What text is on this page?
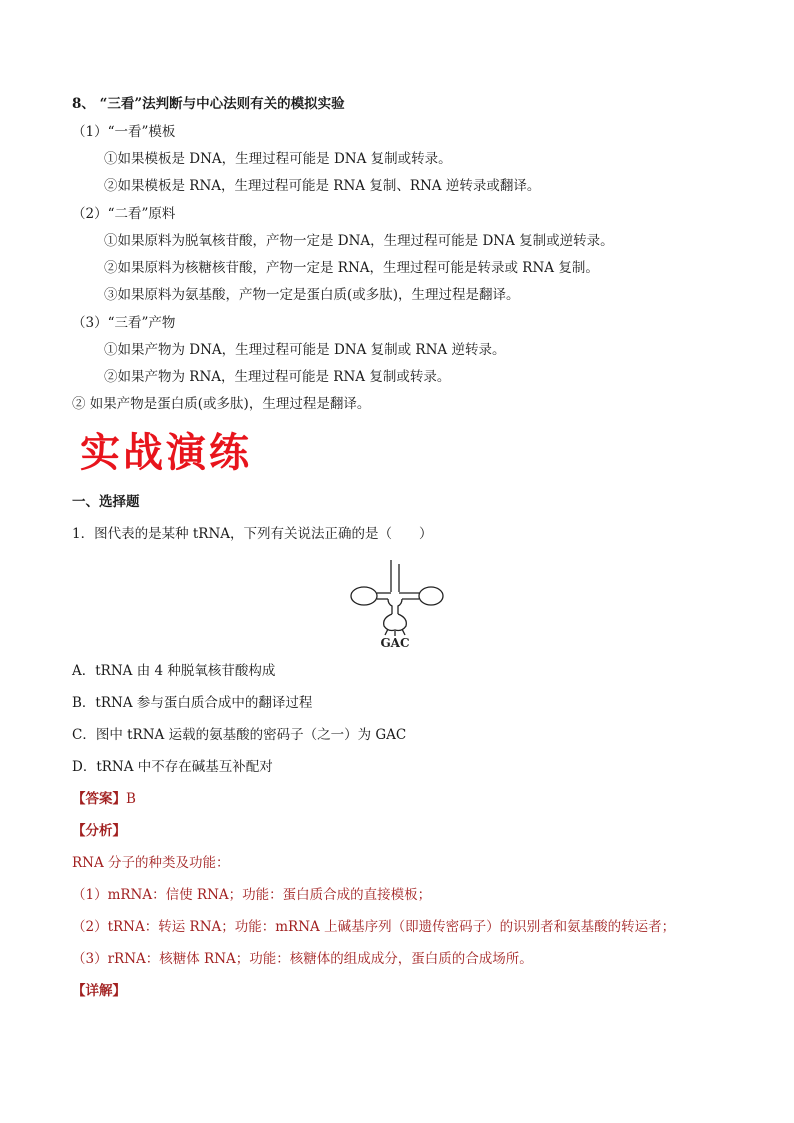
8、 “三看”法判断与中心法则有关的模拟实验
（1）“一看”模板
①如果模板是 DNA，生理过程可能是 DNA 复制或转录。
②如果模板是 RNA，生理过程可能是 RNA 复制、RNA 逆转录或翻译。
（2）“二看”原料
①如果原料为脱氧核苷酸，产物一定是 DNA，生理过程可能是 DNA 复制或逆转录。
②如果原料为核糖核苷酸，产物一定是 RNA，生理过程可能是转录或 RNA 复制。
③如果原料为氨基酸，产物一定是蛋白质(或多肽)，生理过程是翻译。
（3）“三看”产物
①如果产物为 DNA，生理过程可能是 DNA 复制或 RNA 逆转录。
②如果产物为 RNA，生理过程可能是 RNA 复制或转录。
② 如果产物是蛋白质(或多肽)，生理过程是翻译。
实战演练
一、选择题
1．图代表的是某种 tRNA，下列有关说法正确的是（　　）
GAC
A．tRNA 由 4 种脱氧核苷酸构成
B．tRNA 参与蛋白质合成中的翻译过程
C．图中 tRNA 运载的氨基酸的密码子（之一）为 GAC
D．tRNA 中不存在碱基互补配对
【答案】B
【分析】
RNA 分子的种类及功能：
（1）mRNA：信使 RNA；功能：蛋白质合成的直接模板；
（2）tRNA：转运 RNA；功能：mRNA 上碱基序列（即遗传密码子）的识别者和氨基酸的转运者；
（3）rRNA：核糖体 RNA；功能：核糖体的组成成分，蛋白质的合成场所。
【详解】
